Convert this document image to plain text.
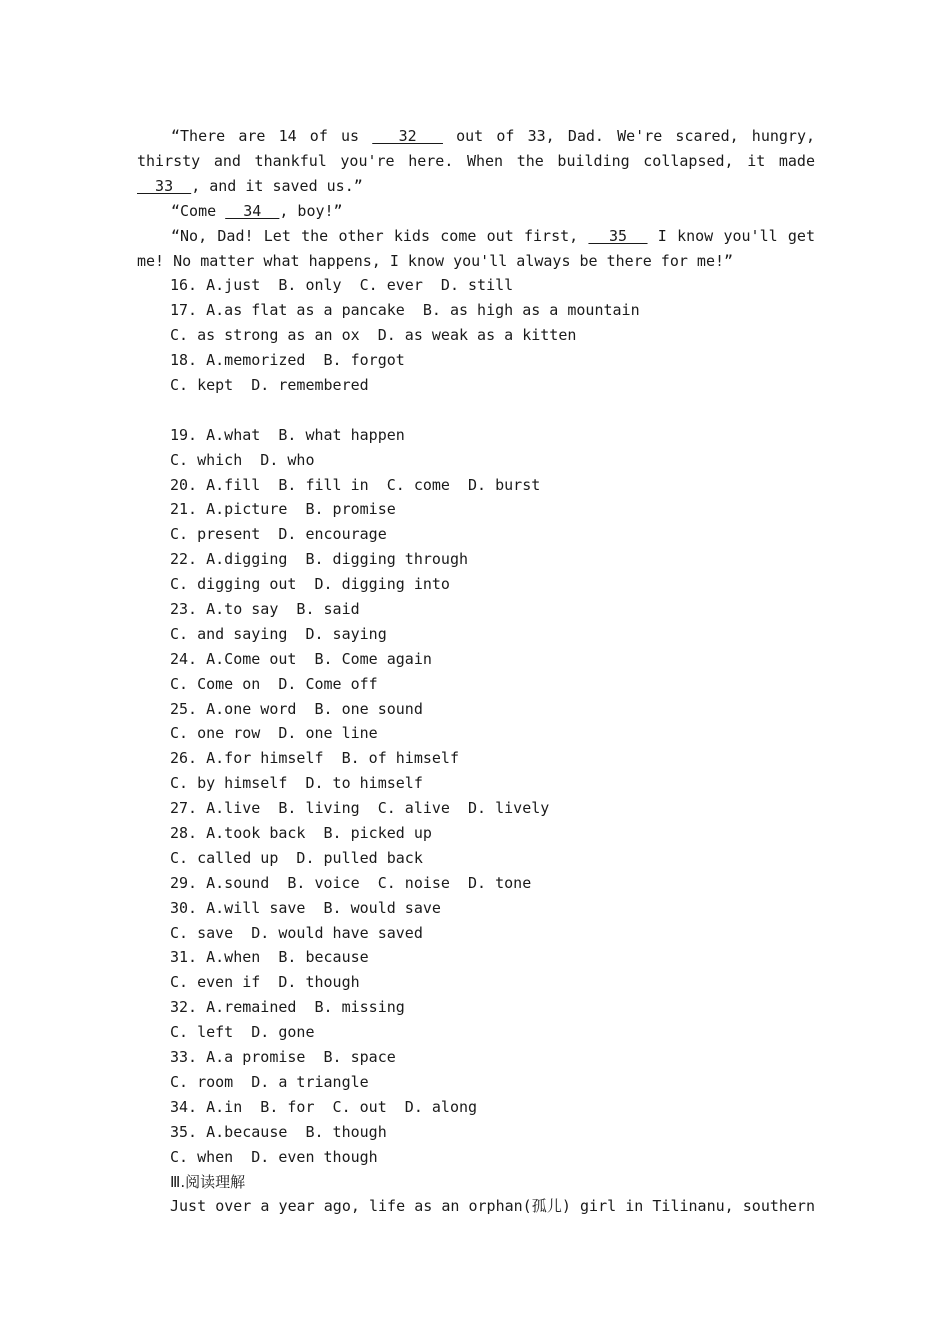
“There are 14 of us   32   out of 33, Dad. We're scared, hungry, thirsty and thankful you're here. When the building collapsed, it made   33  , and it saved us.”

“Come   34  , boy!”

“No, Dad! Let the other kids come out first,   35   I know you'll get me! No matter what happens, I know you'll always be there for me!”

16. A.just  B. only  C. ever  D. still

17. A.as flat as a pancake  B. as high as a mountain

C. as strong as an ox  D. as weak as a kitten

18. A.memorized  B. forgot

C. kept  D. remembered

19. A.what  B. what happen

C. which  D. who

20. A.fill  B. fill in  C. come  D. burst

21. A.picture  B. promise

C. present  D. encourage

22. A.digging  B. digging through

C. digging out  D. digging into

23. A.to say  B. said

C. and saying  D. saying

24. A.Come out  B. Come again

C. Come on  D. Come off

25. A.one word  B. one sound

C. one row  D. one line

26. A.for himself  B. of himself

C. by himself  D. to himself

27. A.live  B. living  C. alive  D. lively

28. A.took back  B. picked up

C. called up  D. pulled back

29. A.sound  B. voice  C. noise  D. tone

30. A.will save  B. would save

C. save  D. would have saved

31. A.when  B. because

C. even if  D. though

32. A.remained  B. missing

C. left  D. gone

33. A.a promise  B. space

C. room  D. a triangle

34. A.in  B. for  C. out  D. along

35. A.because  B. though

C. when  D. even though

Ⅲ.阅读理解

Just over a year ago, life as an orphan(孤儿) girl in Tilinanu, southern
